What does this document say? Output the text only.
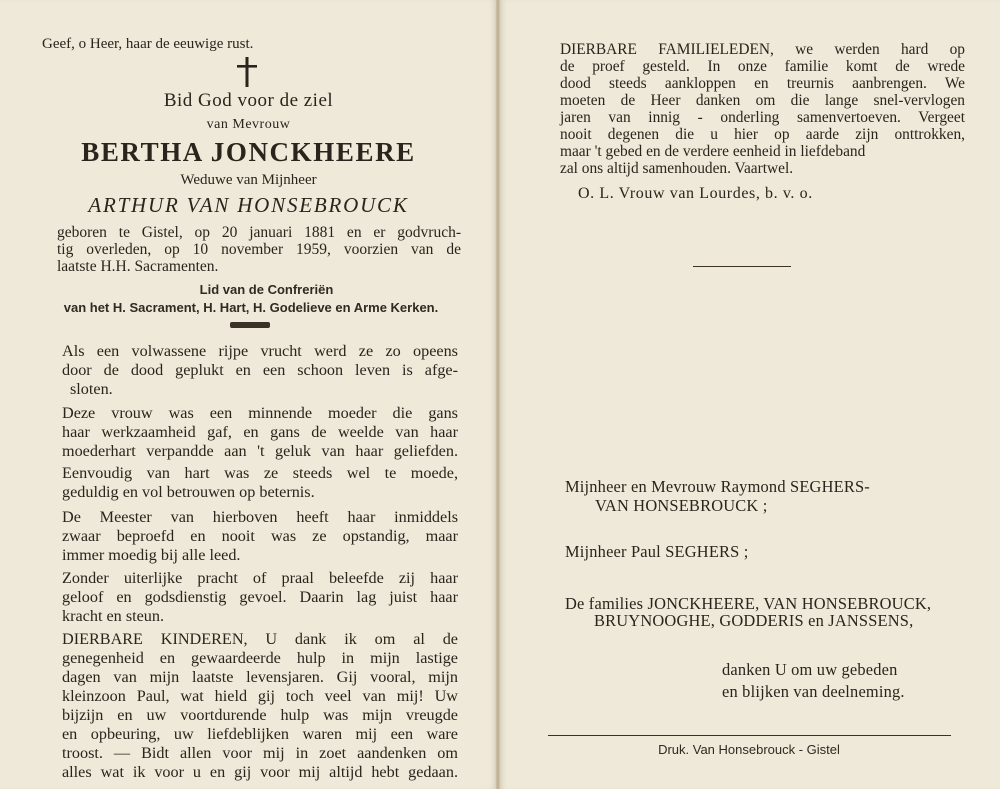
Geef, o Heer, haar de eeuwige rust.
Bid God voor de ziel
van Mevrouw
BERTHA JONCKHEERE
Weduwe van Mijnheer
ARTHUR VAN HONSEBROUCK
geboren te Gistel, op 20 januari 1881 en er godvruch-
tig overleden, op 10 november 1959, voorzien van de
laatste H.H. Sacramenten.
Lid van de Confreriën
van het H. Sacrament, H. Hart, H. Godelieve en Arme Kerken.
Als een volwassene rijpe vrucht werd ze zo opeens
door de dood geplukt en een schoon leven is afge-
sloten.
Deze vrouw was een minnende moeder die gans
haar werkzaamheid gaf, en gans de weelde van haar
moederhart verpandde aan 't geluk van haar geliefden.
Eenvoudig van hart was ze steeds wel te moede,
geduldig en vol betrouwen op beternis.
De Meester van hierboven heeft haar inmiddels
zwaar beproefd en nooit was ze opstandig, maar
immer moedig bij alle leed.
Zonder uiterlijke pracht of praal beleefde zij haar
geloof en godsdienstig gevoel. Daarin lag juist haar
kracht en steun.
DIERBARE KINDEREN, U dank ik om al de
genegenheid en gewaardeerde hulp in mijn lastige
dagen van mijn laatste levensjaren. Gij vooral, mijn
kleinzoon Paul, wat hield gij toch veel van mij! Uw
bijzijn en uw voortdurende hulp was mijn vreugde
en opbeuring, uw liefdeblijken waren mij een ware
troost. — Bidt allen voor mij in zoet aandenken om
alles wat ik voor u en gij voor mij altijd hebt gedaan.
DIERBARE FAMILIELEDEN, we werden hard op
de proef gesteld. In onze familie komt de wrede
dood steeds aankloppen en treurnis aanbrengen. We
moeten de Heer danken om die lange snel-vervlogen
jaren van innig - onderling samenvertoeven. Vergeet
nooit degenen die u hier op aarde zijn onttrokken,
maar 't gebed en de verdere eenheid in liefdeband
zal ons altijd samenhouden. Vaartwel.
O. L. Vrouw van Lourdes, b. v. o.
Mijnheer en Mevrouw Raymond SEGHERS-
VAN HONSEBROUCK ;
Mijnheer Paul SEGHERS ;
De families JONCKHEERE, VAN HONSEBROUCK,
BRUYNOOGHE, GODDERIS en JANSSENS,
danken U om uw gebeden
en blijken van deelneming.
Druk. Van Honsebrouck - Gistel
